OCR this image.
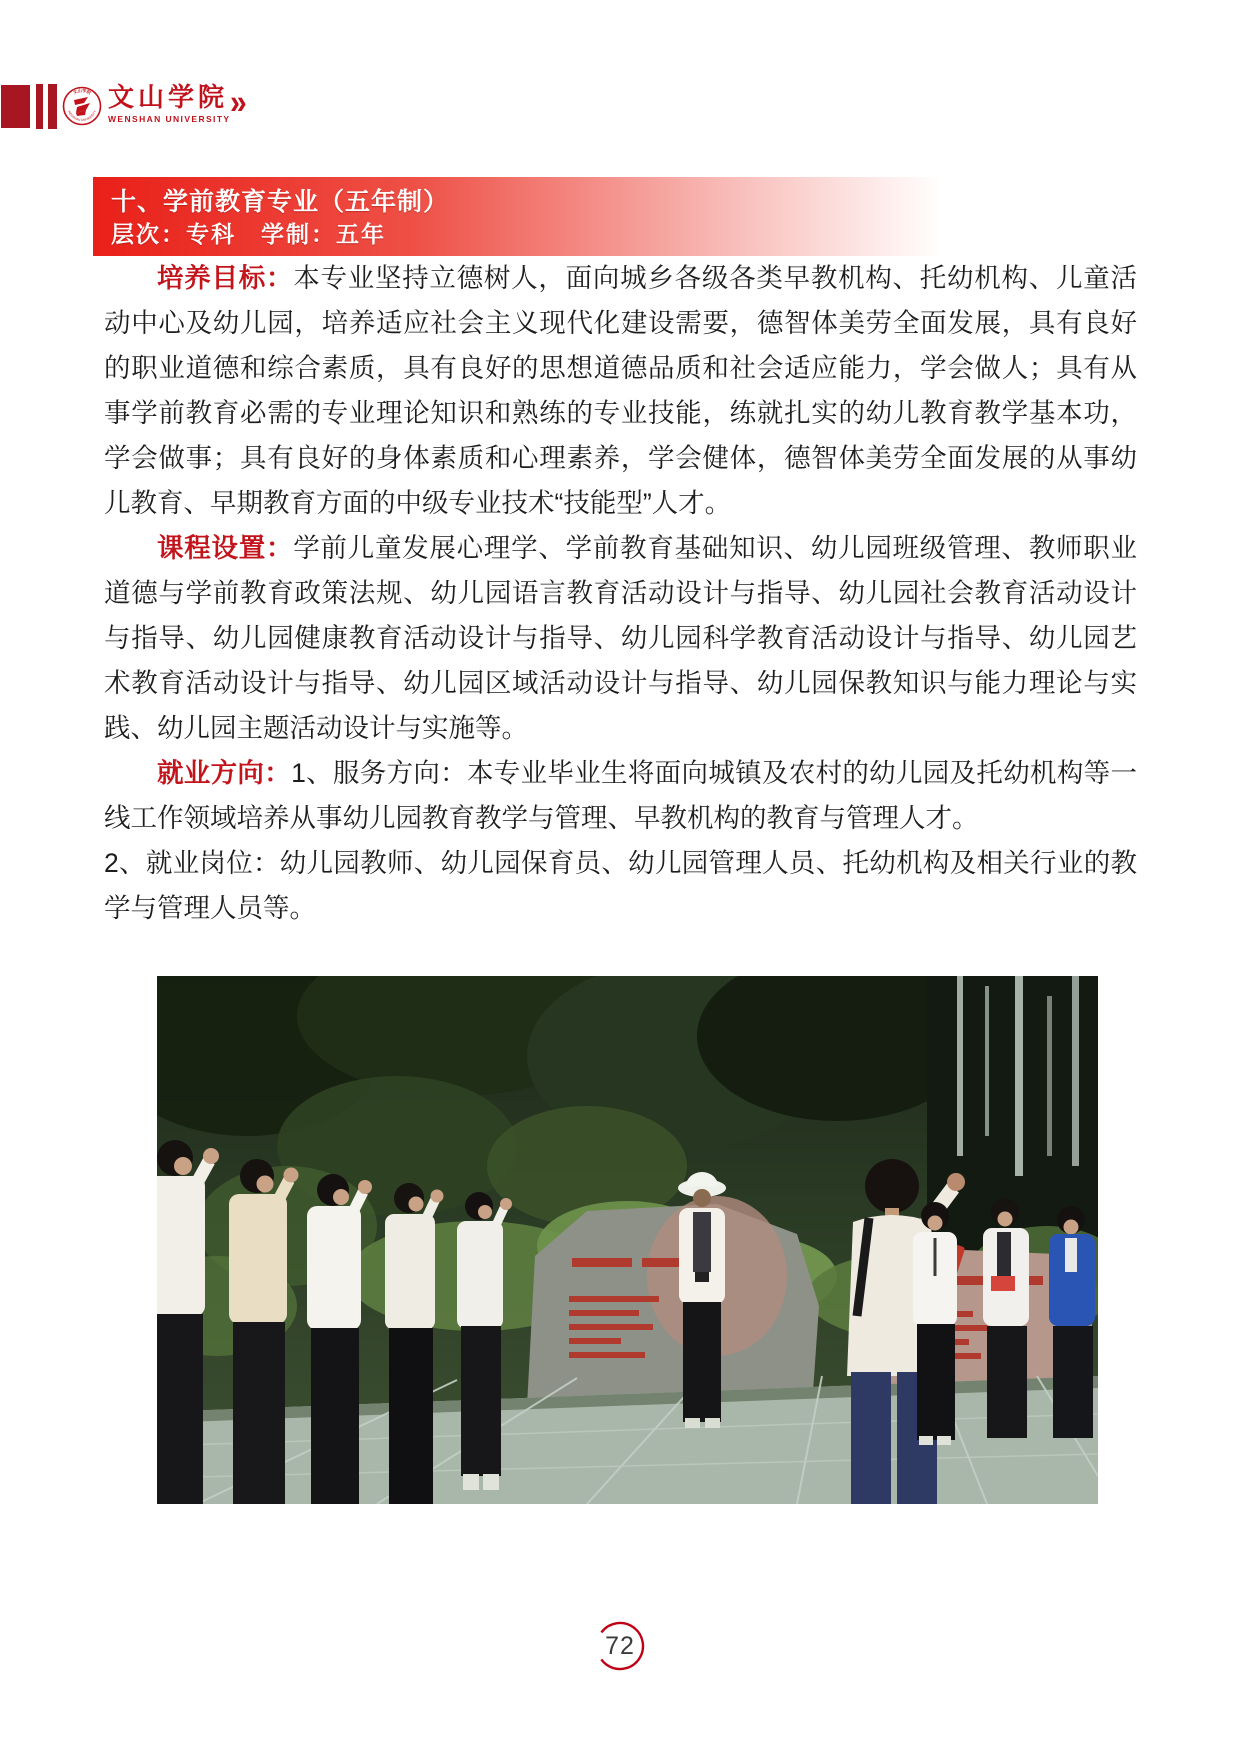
文山学院
WENSHAN UNIVERSITY 文山学院
WENSHAN UNIVERSITY »
十、学前教育专业（五年制）
层次：专科　学制：五年

培养目标：本专业坚持立德树人，面向城乡各级各类早教机构、托幼机构、儿童活动中心及幼儿园，培养适应社会主义现代化建设需要，德智体美劳全面发展，具有良好的职业道德和综合素质，具有良好的思想道德品质和社会适应能力，学会做人；具有从事学前教育必需的专业理论知识和熟练的专业技能，练就扎实的幼儿教育教学基本功，学会做事；具有良好的身体素质和心理素养，学会健体，德智体美劳全面发展的从事幼儿教育、早期教育方面的中级专业技术“技能型”人才。

课程设置：学前儿童发展心理学、学前教育基础知识、幼儿园班级管理、教师职业道德与学前教育政策法规、幼儿园语言教育活动设计与指导、幼儿园社会教育活动设计与指导、幼儿园健康教育活动设计与指导、幼儿园科学教育活动设计与指导、幼儿园艺术教育活动设计与指导、幼儿园区域活动设计与指导、幼儿园保教知识与能力理论与实践、幼儿园主题活动设计与实施等。

就业方向：1、服务方向：本专业毕业生将面向城镇及农村的幼儿园及托幼机构等一线工作领域培养从事幼儿园教育教学与管理、早教机构的教育与管理人才。

2、就业岗位：幼儿园教师、幼儿园保育员、幼儿园管理人员、托幼机构及相关行业的教学与管理人员等。

72
